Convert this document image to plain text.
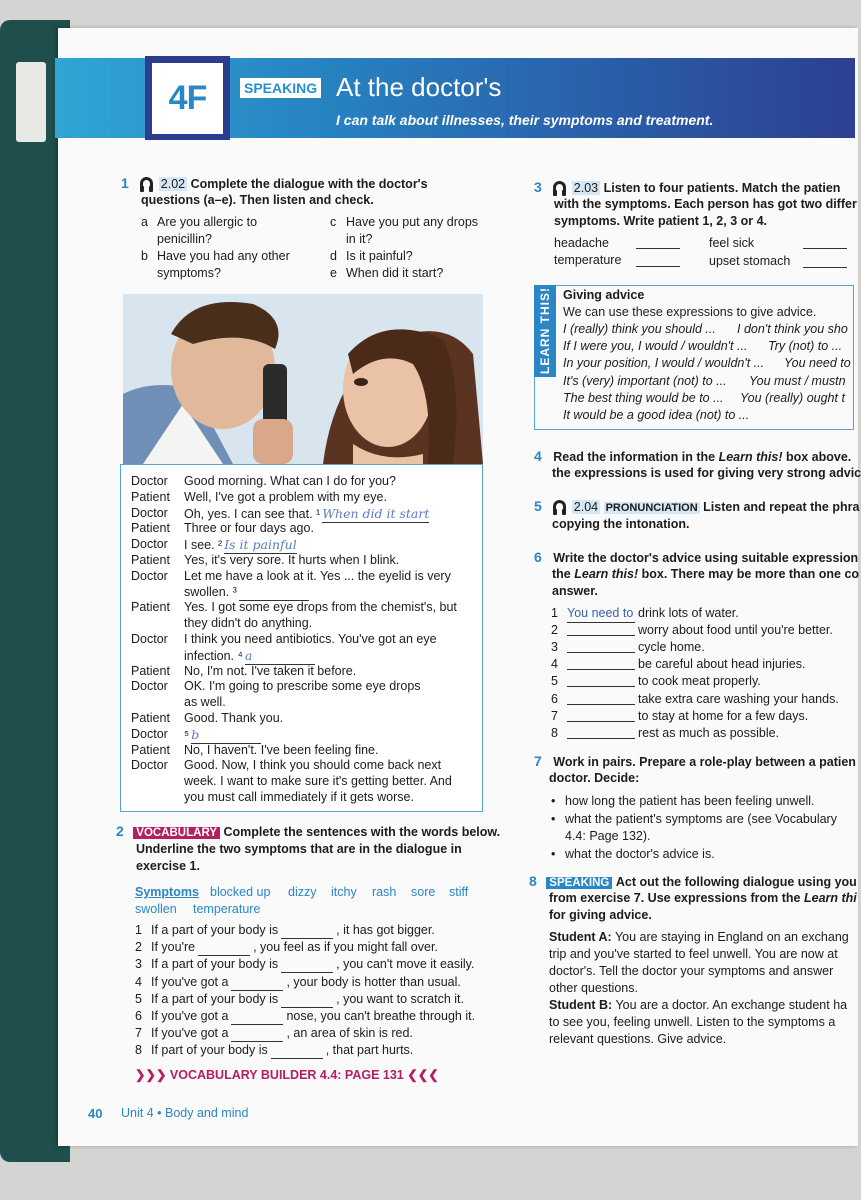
4F	SPEAKING At the doctor's
I can talk about illnesses, their symptoms and treatment.
1	2.02 Complete the dialogue with the doctor's
questions (a–e). Then listen and check.
a Are you allergic to
penicillin?
b Have you had any other
symptoms?
c Have you put any drops
in it?
d Is it painful?
e When did it start?
Doctor Good morning. What can I do for you?
Patient Well, I've got a problem with my eye.
Doctor Oh, yes. I can see that. ¹ When did it start
Patient Three or four days ago.
Doctor I see. ² Is it painful
Patient Yes, it's very sore. It hurts when I blink.
Doctor Let me have a look at it. Yes ... the eyelid is very
swollen. ³
Patient Yes. I got some eye drops from the chemist's, but
they didn't do anything.
Doctor I think you need antibiotics. You've got an eye
infection. ⁴ a
Patient No, I'm not. I've taken it before.
Doctor OK. I'm going to prescribe some eye drops
as well.
Patient Good. Thank you.
Doctor ⁵ b
Patient No, I haven't. I've been feeling fine.
Doctor Good. Now, I think you should come back next
week. I want to make sure it's getting better. And
you must call immediately if it gets worse.
2 VOCABULARY Complete the sentences with the words below.
Underline the two symptoms that are in the dialogue in
exercise 1.
Symptoms blocked up dizzy itchy rash sore stiff
swollen temperature
1 If a part of your body is	, it has got bigger.
2 If you're	, you feel as if you might fall over.
3 If a part of your body is	, you can't move it easily.
4 If you've got a	, your body is hotter than usual.
5 If a part of your body is	, you want to scratch it.
6 If you've got a	nose, you can't breathe through it.
7 If you've got a	, an area of skin is red.
8 If part of your body is	, that part hurts.
❯❯❯ VOCABULARY BUILDER 4.4: PAGE 131 ❮❮❮
3	2.03 Listen to four patients. Match the patien
with the symptoms. Each person has got two differ
symptoms. Write patient 1, 2, 3 or 4.
headache	feel sick
temperature	upset stomach
LEARN THIS! Giving advice
We can use these expressions to give advice.
I (really) think you should ... I don't think you sho
If I were you, I would / wouldn't ... Try (not) to ...
In your position, I would / wouldn't ... You need to
It's (very) important (not) to ... You must / mustn
The best thing would be to ... You (really) ought t
It would be a good idea (not) to ...
4 Read the information in the Learn this! box above.
the expressions is used for giving very strong advic
5	2.04 PRONUNCIATION Listen and repeat the phra
copying the intonation.
6 Write the doctor's advice using suitable expression
the Learn this! box. There may be more than one co
answer.
1 You need to drink lots of water.
2	worry about food until you're better.
3	cycle home.
4	be careful about head injuries.
5	to cook meat properly.
6	take extra care washing your hands.
7	to stay at home for a few days.
8	rest as much as possible.
7 Work in pairs. Prepare a role-play between a patien
doctor. Decide:
• how long the patient has been feeling unwell.
• what the patient's symptoms are (see Vocabulary
4.4: Page 132).
• what the doctor's advice is.
8 SPEAKING Act out the following dialogue using you
from exercise 7. Use expressions from the Learn thi
for giving advice.
Student A: You are staying in England on an exchang
trip and you've started to feel unwell. You are now at
doctor's. Tell the doctor your symptoms and answer
other questions.
Student B: You are a doctor. An exchange student ha
to see you, feeling unwell. Listen to the symptoms a
relevant questions. Give advice.
40 Unit 4 • Body and mind
